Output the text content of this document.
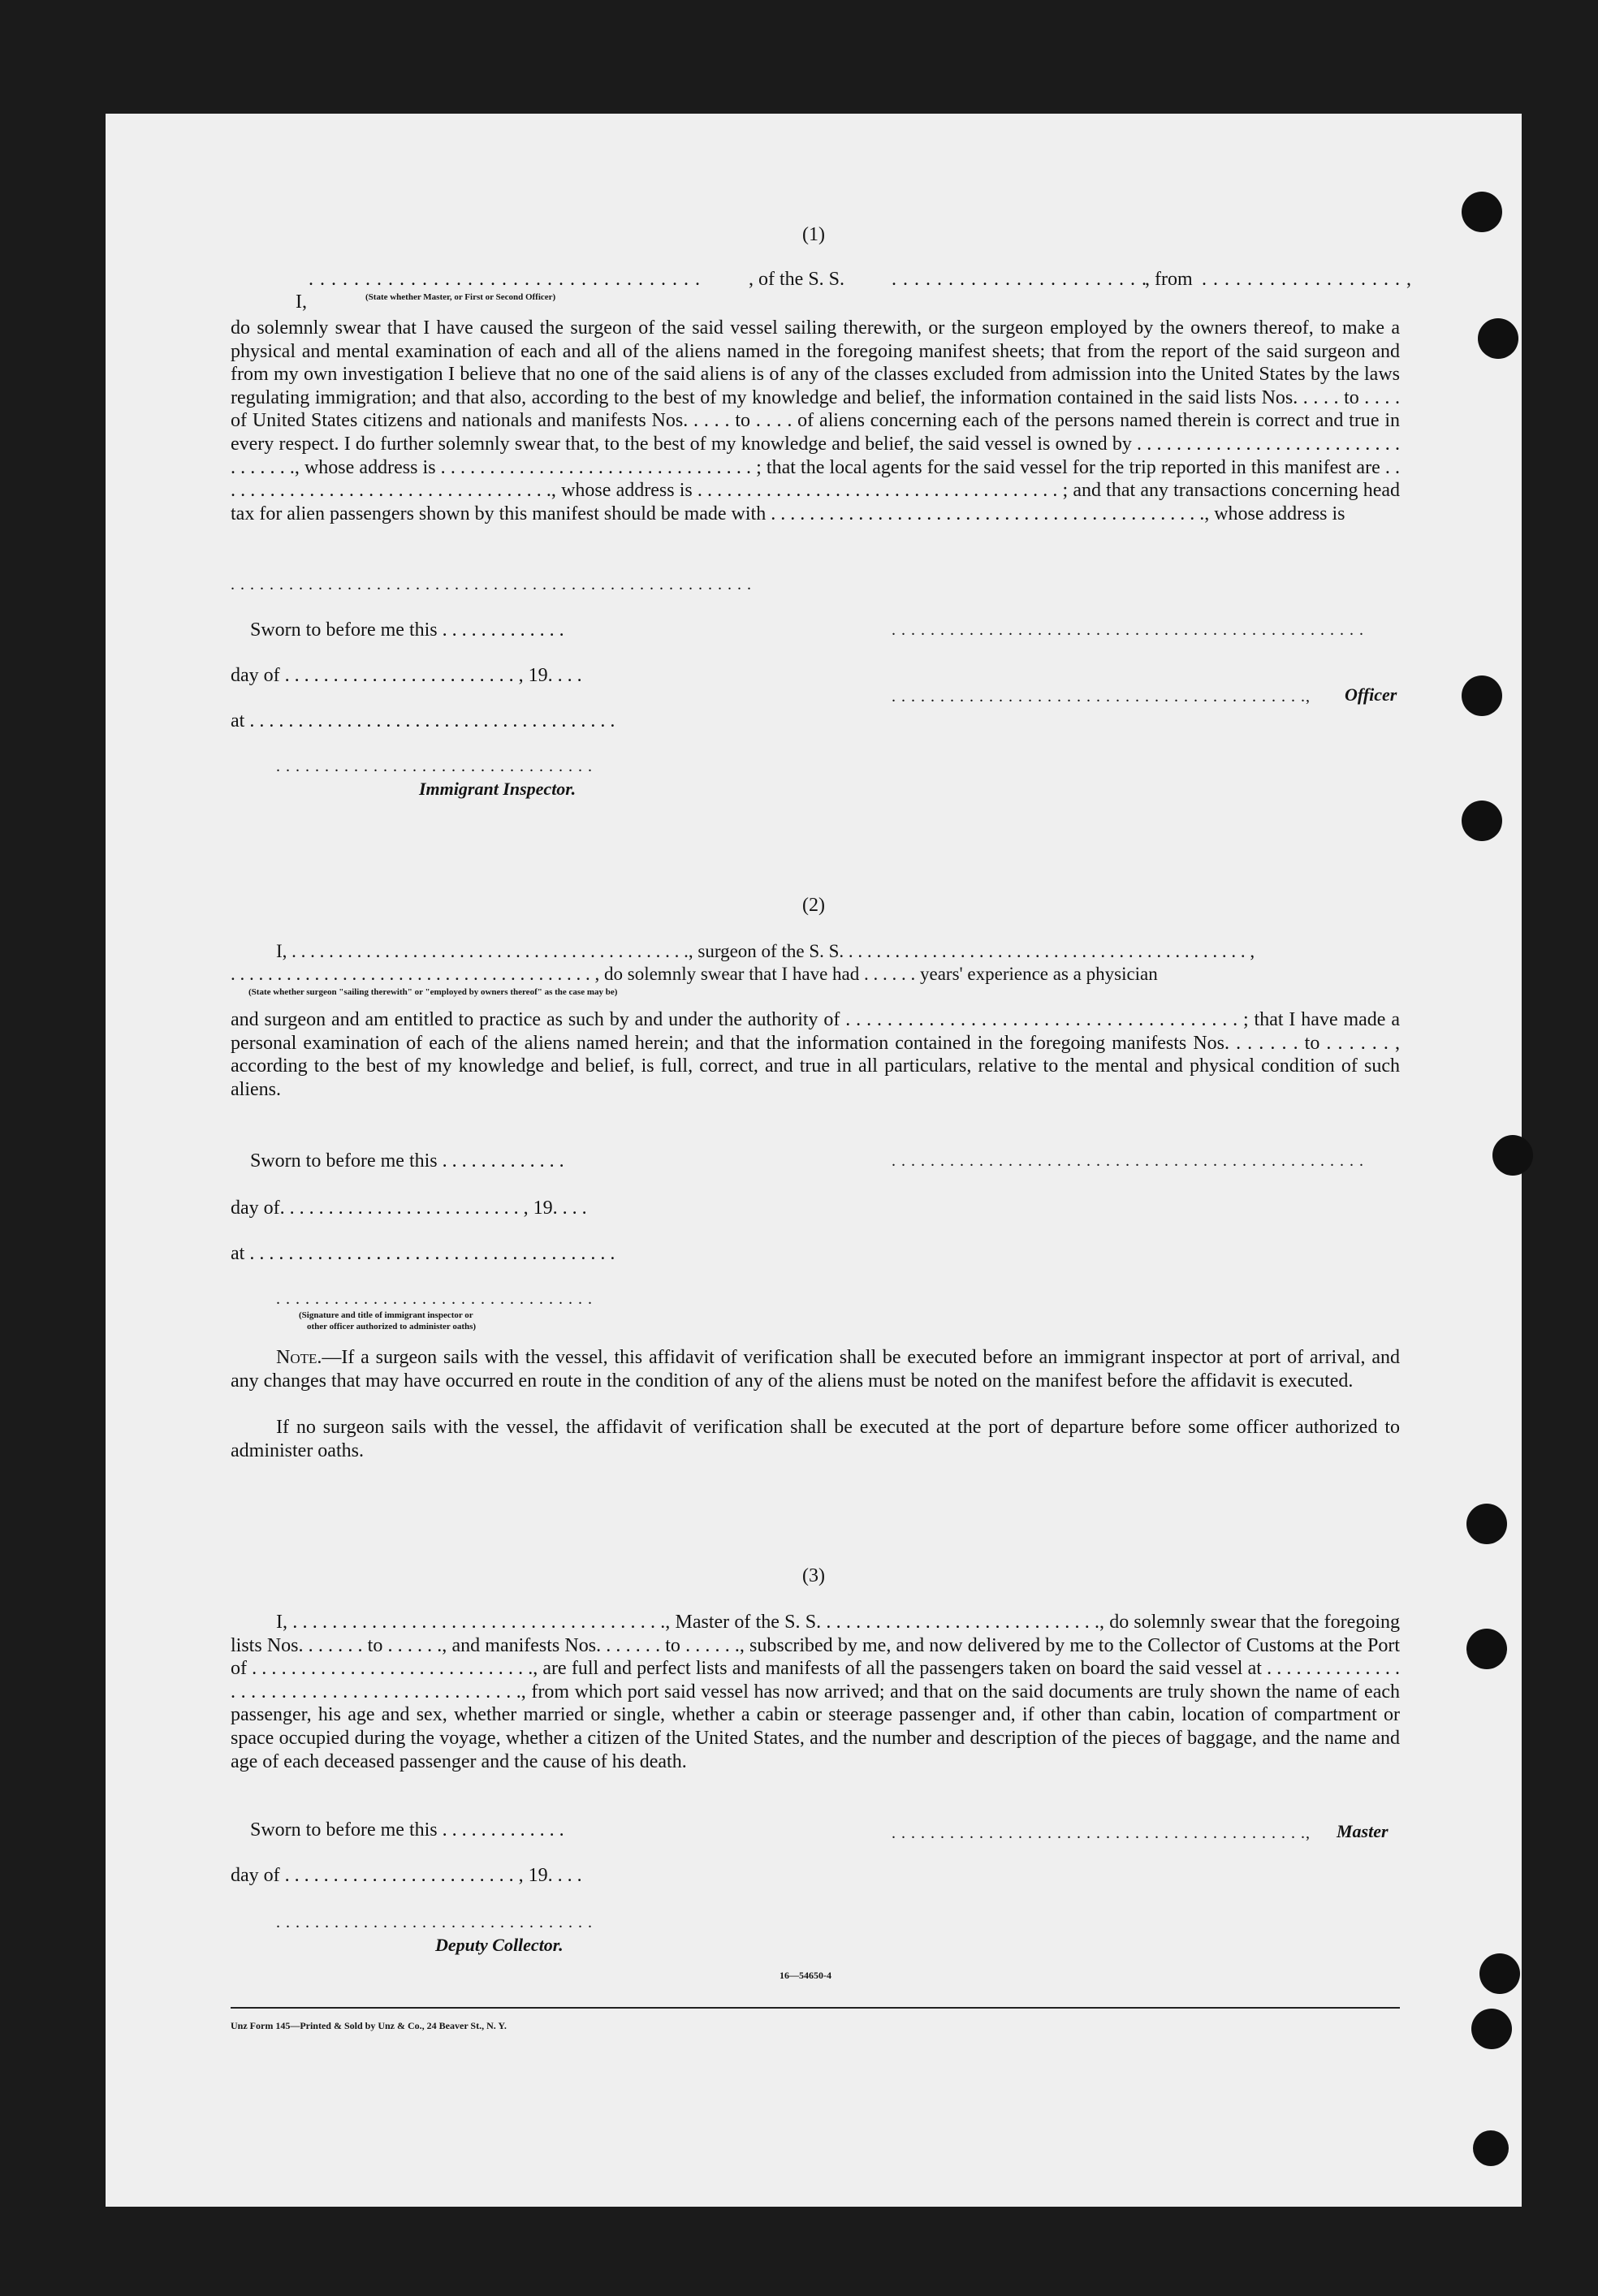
(1)

I,

. . . . . . . . . . . . . . . . . . . . . . . . . . . . . . . . . . . , of the S. S. . . . . . . . . . . . . . . . . . . . . . . .
, from . . . . . . . . . . . . . . . . . . ,
(State whether Master, or First or Second Officer)
do solemnly swear that I have caused the surgeon of the said vessel sailing therewith, or the surgeon employed by the owners thereof, to make a physical and mental examination of each and all of the aliens named in the foregoing manifest sheets; that from the report of the said surgeon and from my own investigation I believe that no one of the said aliens is of any of the classes excluded from admission into the United States by the laws regulating immigration; and that also, according to the best of my knowledge and belief, the information contained in the said lists Nos. . . . . to . . . . of United States citizens and nationals and manifests Nos. . . . . to . . . . of aliens concerning each of the persons named therein is correct and true in every respect. I do further solemnly swear that, to the best of my knowledge and belief, the said vessel is owned by . . . . . . . . . . . . . . . . . . . . . . . . . . . . . . . . . ., whose address is . . . . . . . . . . . . . . . . . . . . . . . . . . . . . . . . ; that the local agents for the said vessel for the trip reported in this manifest are . . . . . . . . . . . . . . . . . . . . . . . . . . . . . . . . . . ., whose address is . . . . . . . . . . . . . . . . . . . . . . . . . . . . . . . . . . . . . ; and that any transactions concerning head tax for alien passengers shown by this manifest should be made with . . . . . . . . . . . . . . . . . . . . . . . . . . . . . . . . . . . . . . . . . . . . ., whose address is
. . . . . . . . . . . . . . . . . . . . . . . . . . . . . . . . . . . . . . . . . . . . . . . . . . . . . .
Sworn to before me this . . . . . . . . . . . . .	. . . . . . . . . . . . . . . . . . . . . . . . . . . . . . . . . . . . . . . . . . . . . . . . .
day of . . . . . . . . . . . . . . . . . . . . . . . . , 19. . . .
. . . . . . . . . . . . . . . . . . . . . . . . . . . . . . . . . . . . . . . . . . ., Officer
at . . . . . . . . . . . . . . . . . . . . . . . . . . . . . . . . . . . . . .
. . . . . . . . . . . . . . . . . . . . . . . . . . . . . . . . .
Immigrant Inspector.
(2)
I, . . . . . . . . . . . . . . . . . . . . . . . . . . . . . . . . . . . . . . . . . . ., surgeon of the S. S. . . . . . . . . . . . . . . . . . . . . . . . . . . . . . . . . . . . . . . . . . . . ,
. . . . . . . . . . . . . . . . . . . . . . . . . . . . . . . . . . . . . . . , do solemnly swear that I have had . . . . . . years' experience as a physician
(State whether surgeon "sailing therewith" or "employed by owners thereof" as the case may be)
and surgeon and am entitled to practice as such by and under the authority of . . . . . . . . . . . . . . . . . . . . . . . . . . . . . . . . . . . . . . ; that I have made a personal examination of each of the aliens named herein; and that the information contained in the foregoing manifests Nos. . . . . . . to . . . . . . , according to the best of my knowledge and belief, is full, correct, and true in all particulars, relative to the mental and physical condition of such aliens.
Sworn to before me this . . . . . . . . . . . . .	. . . . . . . . . . . . . . . . . . . . . . . . . . . . . . . . . . . . . . . . . . . . . . . . .
day of. . . . . . . . . . . . . . . . . . . . . . . . . , 19. . . .
at . . . . . . . . . . . . . . . . . . . . . . . . . . . . . . . . . . . . . .
. . . . . . . . . . . . . . . . . . . . . . . . . . . . . . . . .
(Signature and title of immigrant inspector or
other officer authorized to administer oaths)
Note.—If a surgeon sails with the vessel, this affidavit of verification shall be executed before an immigrant inspector at port of arrival, and any changes that may have occurred en route in the condition of any of the aliens must be noted on the manifest before the affidavit is executed.
If no surgeon sails with the vessel, the affidavit of verification shall be executed at the port of departure before some officer authorized to administer oaths.
(3)
I, . . . . . . . . . . . . . . . . . . . . . . . . . . . . . . . . . . . . . ., Master of the S. S. . . . . . . . . . . . . . . . . . . . . . . . . . . . ., do solemnly swear that the foregoing lists Nos. . . . . . . to . . . . . ., and manifests Nos. . . . . . . to . . . . . ., subscribed by me, and now delivered by me to the Collector of Customs at the Port of . . . . . . . . . . . . . . . . . . . . . . . . . . . . ., are full and perfect lists and manifests of all the passengers taken on board the said vessel at . . . . . . . . . . . . . . . . . . . . . . . . . . . . . . . . . . . . . . . . . . ., from which port said vessel has now arrived; and that on the said documents are truly shown the name of each passenger, his age and sex, whether married or single, whether a cabin or steerage passenger and, if other than cabin, location of compartment or space occupied during the voyage, whether a citizen of the United States, and the number and description of the pieces of baggage, and the name and age of each deceased passenger and the cause of his death.
Sworn to before me this . . . . . . . . . . . . .	. . . . . . . . . . . . . . . . . . . . . . . . . . . . . . . . . . . . . . . . . . ., Master
day of . . . . . . . . . . . . . . . . . . . . . . . . , 19. . . .
. . . . . . . . . . . . . . . . . . . . . . . . . . . . . . . . .
Deputy Collector.
16—54650-4
Unz Form 145—Printed & Sold by Unz & Co., 24 Beaver St., N. Y.
